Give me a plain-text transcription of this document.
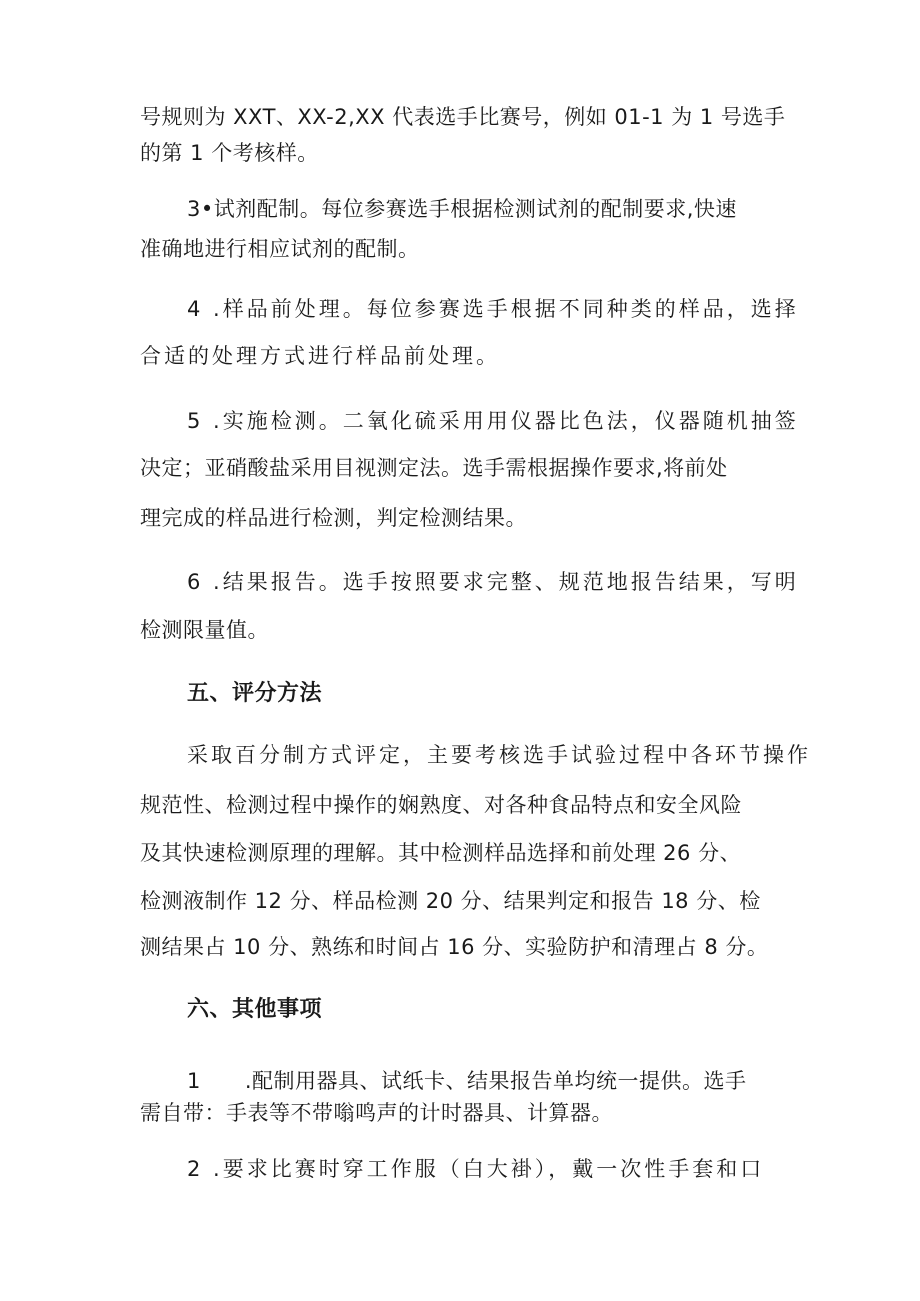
号规则为 XXT、XX-2,XX 代表选手比赛号，例如 01-1 为 1 号选手
的第 1 个考核样。
3•试剂配制。每位参赛选手根据检测试剂的配制要求,快速
准确地进行相应试剂的配制。
4 .样品前处理。每位参赛选手根据不同种类的样品，选择
合适的处理方式进行样品前处理。
5 .实施检测。二氧化硫采用用仪器比色法，仪器随机抽签
决定；亚硝酸盐采用目视测定法。选手需根据操作要求,将前处
理完成的样品进行检测，判定检测结果。
6 .结果报告。选手按照要求完整、规范地报告结果，写明
检测限量值。
五、评分方法
采取百分制方式评定，主要考核选手试验过程中各环节操作
规范性、检测过程中操作的娴熟度、对各种食品特点和安全风险
及其快速检测原理的理解。其中检测样品选择和前处理 26 分、
检测液制作 12 分、样品检测 20 分、结果判定和报告 18 分、检
测结果占 10 分、熟练和时间占 16 分、实验防护和清理占 8 分。
六、其他事项
1 .配制用器具、试纸卡、结果报告单均统一提供。选手
需自带：手表等不带嗡鸣声的计时器具、计算器。
2 .要求比赛时穿工作服（白大褂），戴一次性手套和口
